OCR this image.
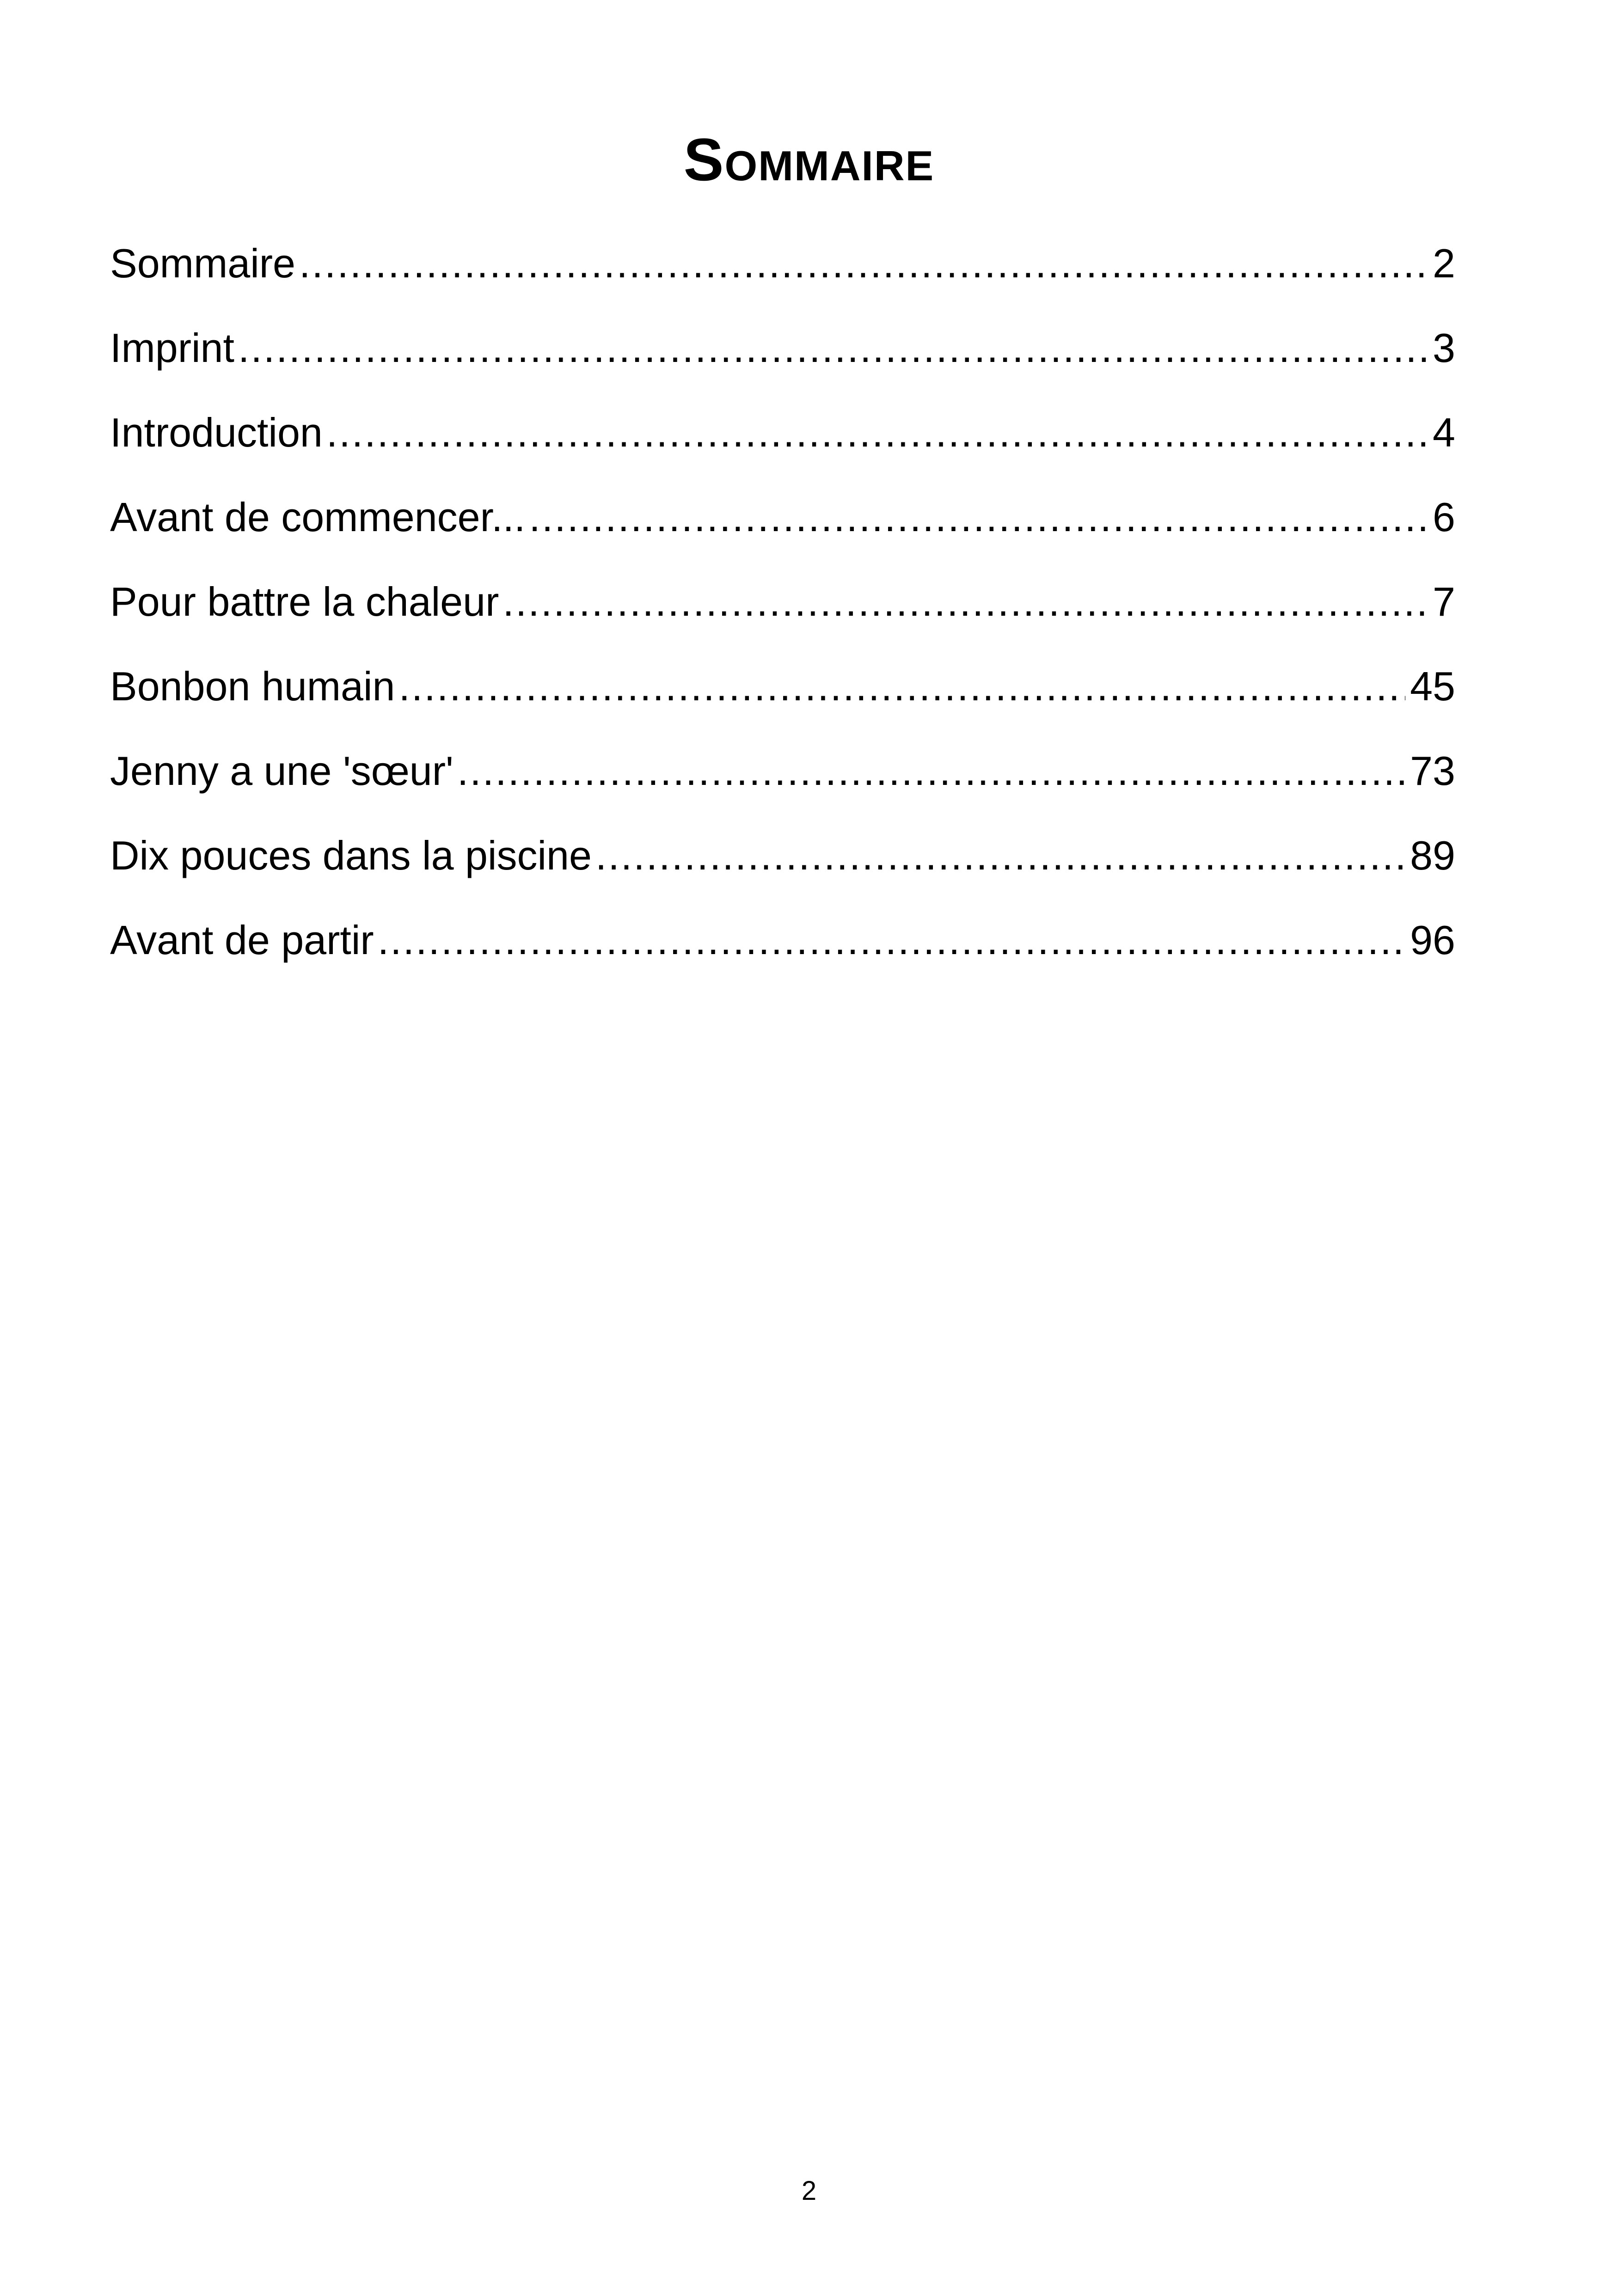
Sommaire
Sommaire .....	2
Imprint .....	3
Introduction .....	4
Avant de commencer... .....	6
Pour battre la chaleur .....	7
Bonbon humain .....	45
Jenny a une 'sœur' .....	73
Dix pouces dans la piscine .....	89
Avant de partir .....	96
2
